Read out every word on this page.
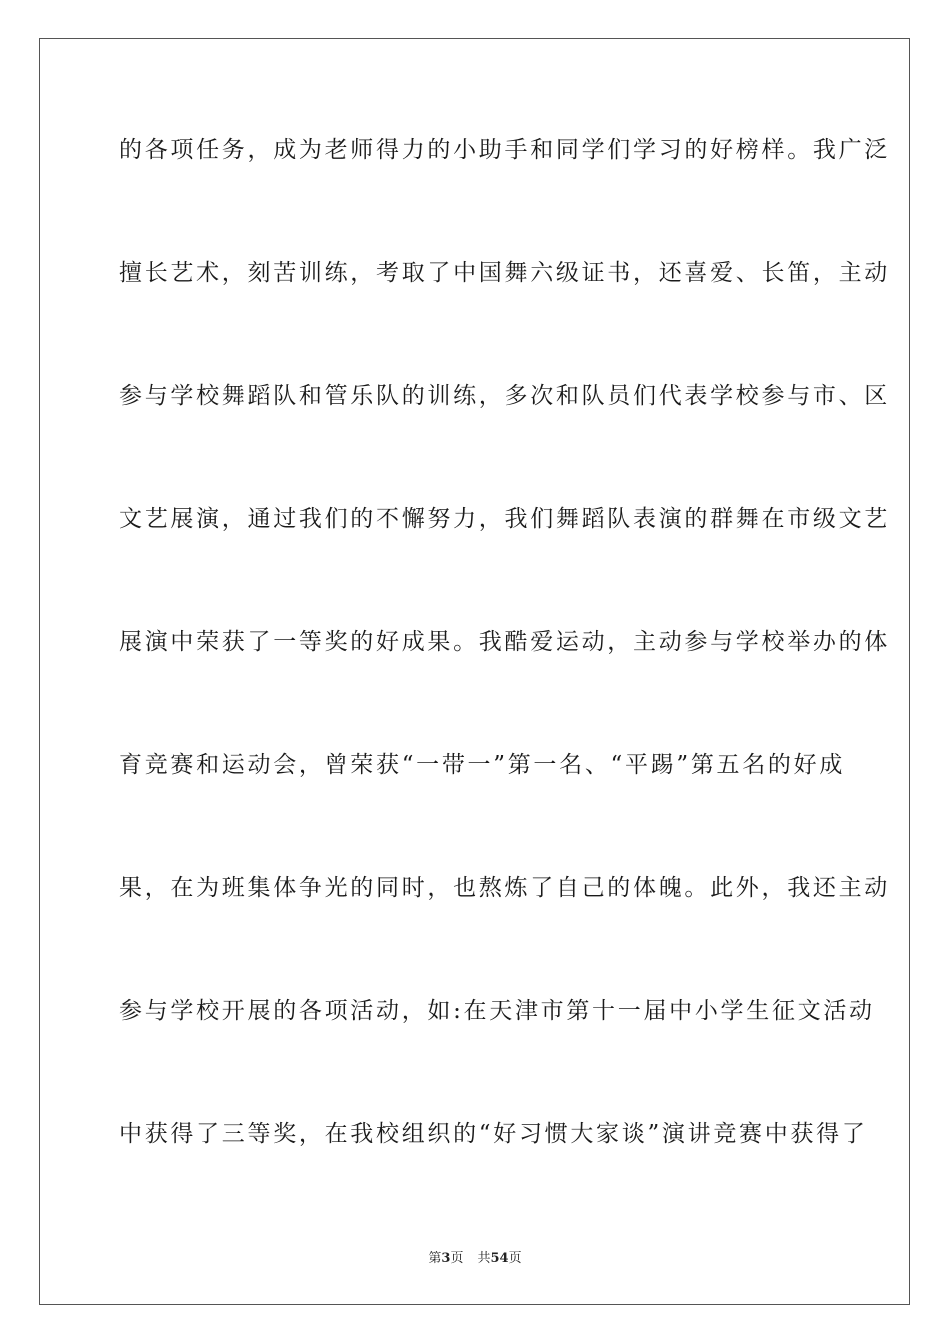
的各项任务，成为老师得力的小助手和同学们学习的好榜样。我广泛
擅长艺术，刻苦训练，考取了中国舞六级证书，还喜爱、长笛，主动
参与学校舞蹈队和管乐队的训练，多次和队员们代表学校参与市、区
文艺展演，通过我们的不懈努力，我们舞蹈队表演的群舞在市级文艺
展演中荣获了一等奖的好成果。我酷爱运动，主动参与学校举办的体
育竞赛和运动会，曾荣获“一带一”第一名、“平踢”第五名的好成
果，在为班集体争光的同时，也熬炼了自己的体魄。此外，我还主动
参与学校开展的各项活动，如:在天津市第十一届中小学生征文活动
中获得了三等奖，在我校组织的“好习惯大家谈”演讲竞赛中获得了
第3页 共54页
